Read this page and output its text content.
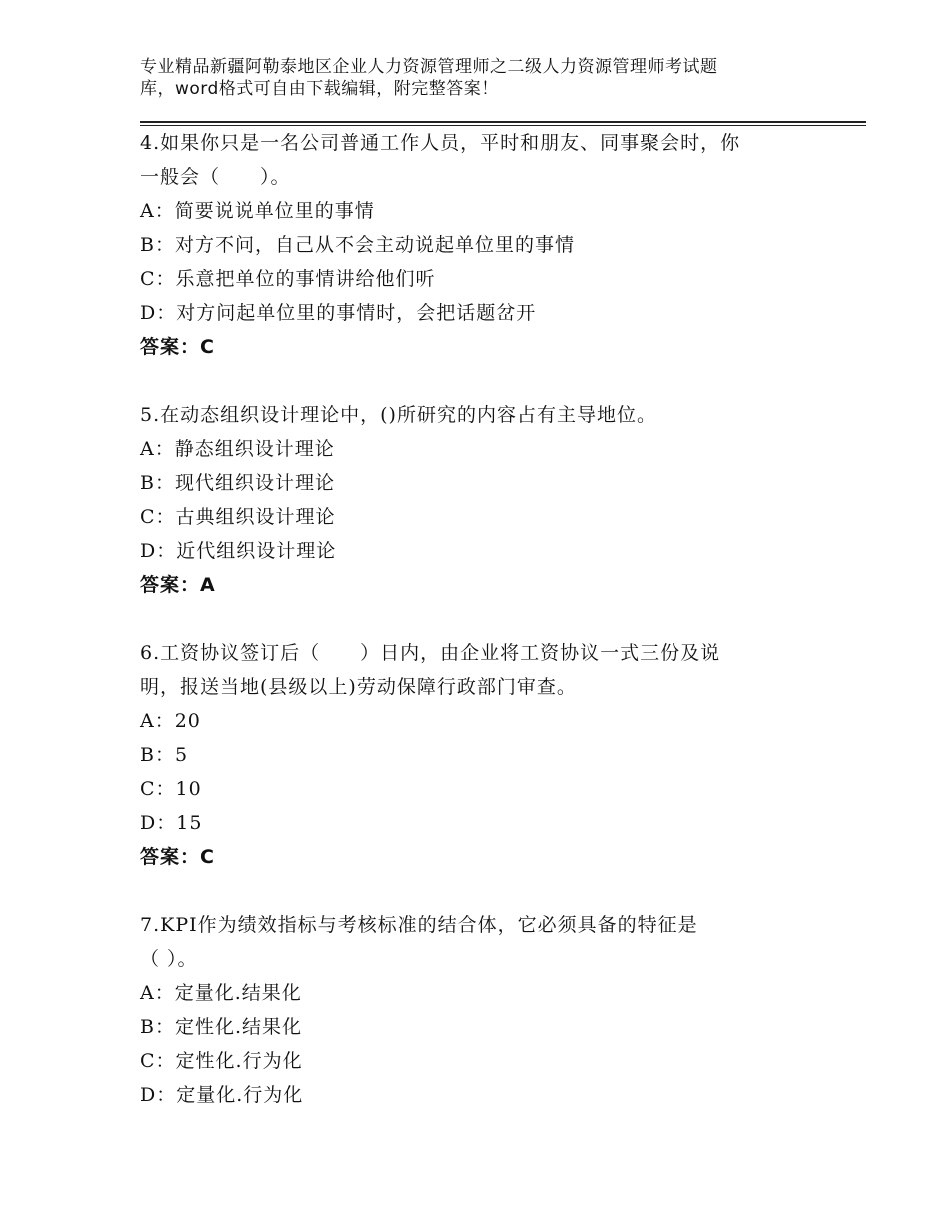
专业精品新疆阿勒泰地区企业人力资源管理师之二级人力资源管理师考试题
库，word格式可自由下载编辑，附完整答案！
4.如果你只是一名公司普通工作人员，平时和朋友、同事聚会时，你
一般会（　　）。
A：简要说说单位里的事情
B：对方不问，自己从不会主动说起单位里的事情
C：乐意把单位的事情讲给他们听
D：对方问起单位里的事情时，会把话题岔开
答案：C
5.在动态组织设计理论中，()所研究的内容占有主导地位。
A：静态组织设计理论
B：现代组织设计理论
C：古典组织设计理论
D：近代组织设计理论
答案：A
6.工资协议签订后（　　）日内，由企业将工资协议一式三份及说
明，报送当地(县级以上)劳动保障行政部门审查。
A：20
B：5
C：10
D：15
答案：C
7.KPI作为绩效指标与考核标准的结合体，它必须具备的特征是
（ ）。
A：定量化.结果化
B：定性化.结果化
C：定性化.行为化
D：定量化.行为化
